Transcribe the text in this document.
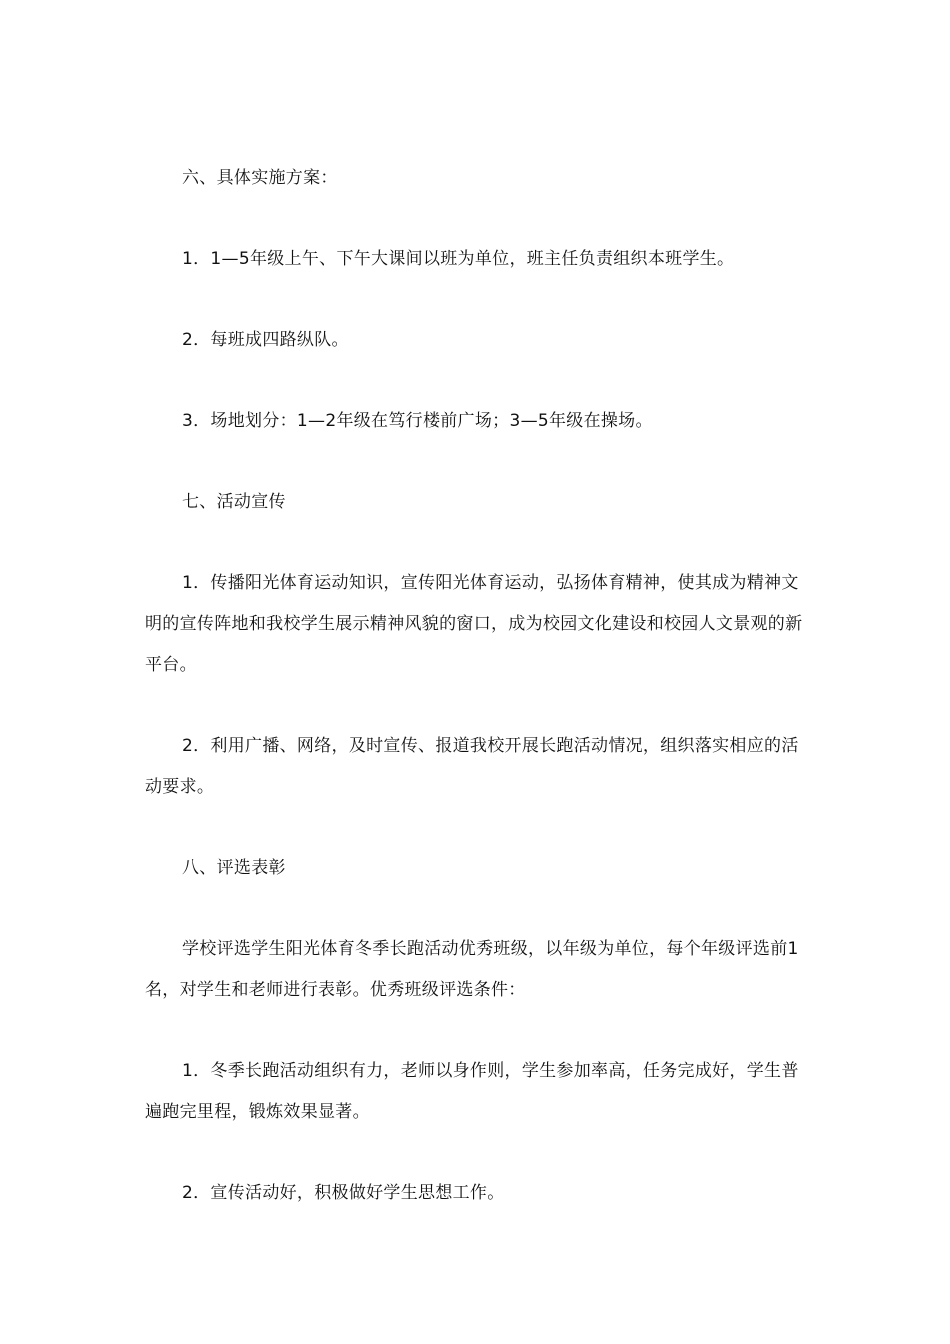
六、具体实施方案：

1．1—5年级上午、下午大课间以班为单位，班主任负责组织本班学生。

2．每班成四路纵队。

3．场地划分：1—2年级在笃行楼前广场；3—5年级在操场。

七、活动宣传

1．传播阳光体育运动知识，宣传阳光体育运动，弘扬体育精神，使其成为精神文明的宣传阵地和我校学生展示精神风貌的窗口，成为校园文化建设和校园人文景观的新平台。

2．利用广播、网络，及时宣传、报道我校开展长跑活动情况，组织落实相应的活动要求。

八、评选表彰

学校评选学生阳光体育冬季长跑活动优秀班级，以年级为单位，每个年级评选前1名，对学生和老师进行表彰。优秀班级评选条件：

1．冬季长跑活动组织有力，老师以身作则，学生参加率高，任务完成好，学生普遍跑完里程，锻炼效果显著。

2．宣传活动好，积极做好学生思想工作。
